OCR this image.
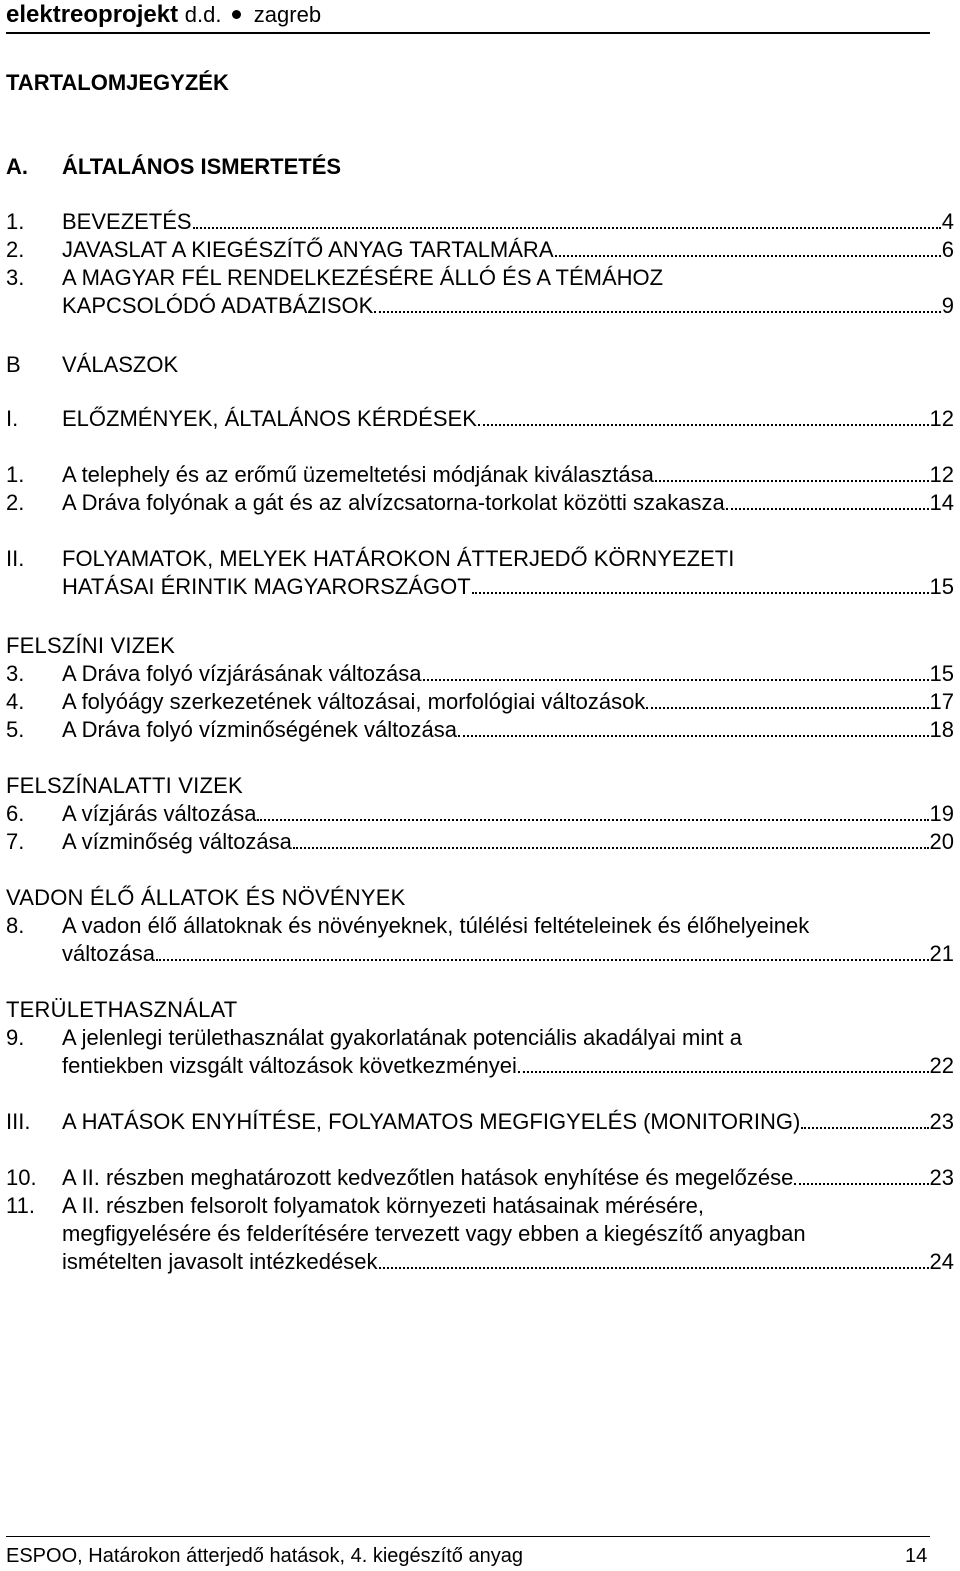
elektreoprojekt d.d. zagreb
TARTALOMJEGYZÉK
A. ÁLTALÁNOS ISMERTETÉS
B VÁLASZOK
FELSZÍNI VIZEK
FELSZÍNALATTI VIZEK
VADON ÉLŐ ÁLLATOK ÉS NÖVÉNYEK
TERÜLETHASZNÁLAT
ESPOO, Határokon átterjedő hatások, 4. kiegészítő anyag	14
1. BEVEZETÉS	4
2. JAVASLAT A KIEGÉSZÍTŐ ANYAG TARTALMÁRA	6
3. A MAGYAR FÉL RENDELKEZÉSÉRE ÁLLÓ ÉS A TÉMÁHOZ
KAPCSOLÓDÓ ADATBÁZISOK	9
I. ELŐZMÉNYEK, ÁLTALÁNOS KÉRDÉSEK	12
1. A telephely és az erőmű üzemeltetési módjának kiválasztása	12
2. A Dráva folyónak a gát és az alvízcsatorna-torkolat közötti szakasza	14
II. FOLYAMATOK, MELYEK HATÁROKON ÁTTERJEDŐ KÖRNYEZETI
HATÁSAI ÉRINTIK MAGYARORSZÁGOT	15
3. A Dráva folyó vízjárásának változása	15
4. A folyóágy szerkezetének változásai, morfológiai változások	17
5. A Dráva folyó vízminőségének változása	18
6. A vízjárás változása	19
7. A vízminőség változása	20
8. A vadon élő állatoknak és növényeknek, túlélési feltételeinek és élőhelyeinek
változása	21
9. A jelenlegi területhasználat gyakorlatának potenciális akadályai mint a
fentiekben vizsgált változások következményei	22
III. A HATÁSOK ENYHÍTÉSE, FOLYAMATOS MEGFIGYELÉS (MONITORING)	23
10. A II. részben meghatározott kedvezőtlen hatások enyhítése és megelőzése	23
11. A II. részben felsorolt folyamatok környezeti hatásainak mérésére,
megfigyelésére és felderítésére tervezett vagy ebben a kiegészítő anyagban
ismételten javasolt intézkedések	24
